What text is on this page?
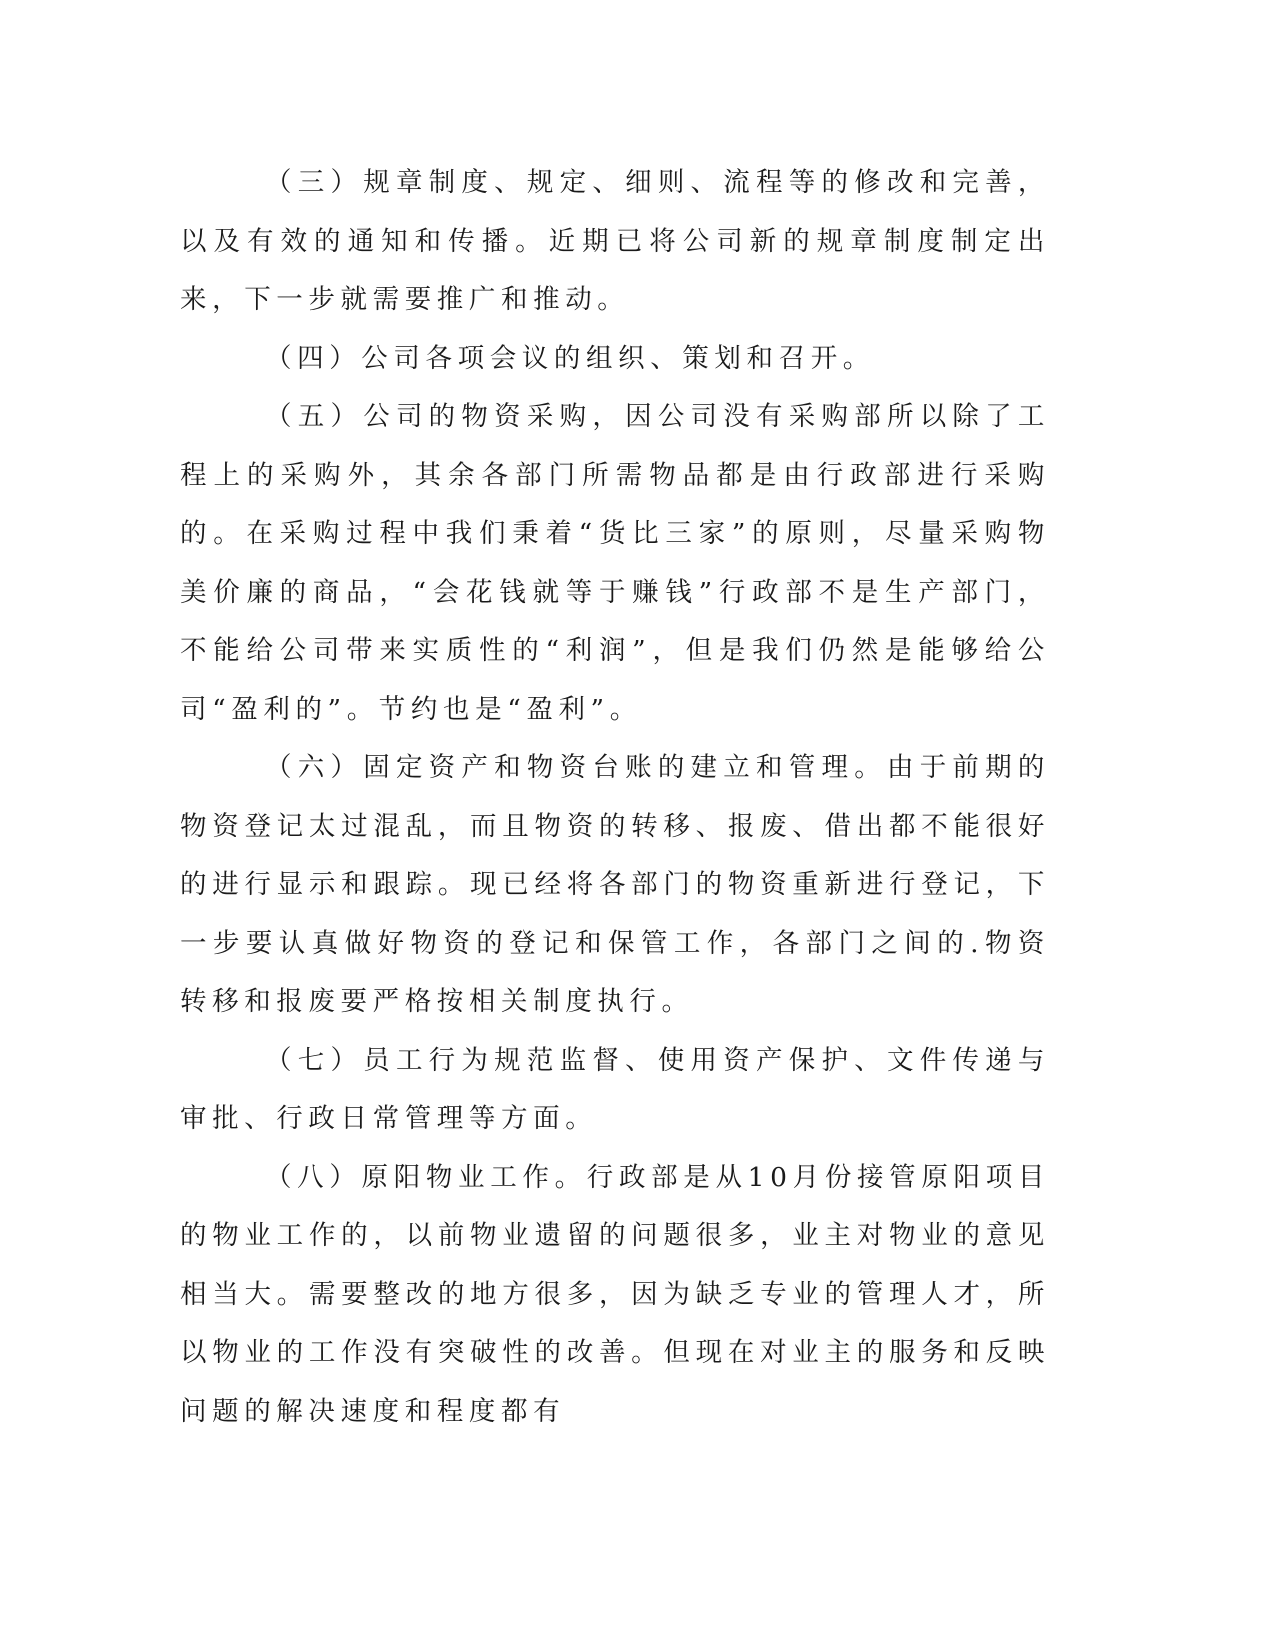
（三）规章制度、规定、细则、流程等的修改和完善，以及有效的通知和传播。近期已将公司新的规章制度制定出来，下一步就需要推广和推动。

（四）公司各项会议的组织、策划和召开。

（五）公司的物资采购，因公司没有采购部所以除了工程上的采购外，其余各部门所需物品都是由行政部进行采购的。在采购过程中我们秉着“货比三家”的原则，尽量采购物美价廉的商品，“会花钱就等于赚钱”行政部不是生产部门，不能给公司带来实质性的“利润”，但是我们仍然是能够给公司“盈利的”。节约也是“盈利”。

（六）固定资产和物资台账的建立和管理。由于前期的物资登记太过混乱，而且物资的转移、报废、借出都不能很好的进行显示和跟踪。现已经将各部门的物资重新进行登记，下一步要认真做好物资的登记和保管工作，各部门之间的.物资转移和报废要严格按相关制度执行。

（七）员工行为规范监督、使用资产保护、文件传递与审批、行政日常管理等方面。

（八）原阳物业工作。行政部是从10月份接管原阳项目的物业工作的，以前物业遗留的问题很多，业主对物业的意见相当大。需要整改的地方很多，因为缺乏专业的管理人才，所以物业的工作没有突破性的改善。但现在对业主的服务和反映问题的解决速度和程度都有
